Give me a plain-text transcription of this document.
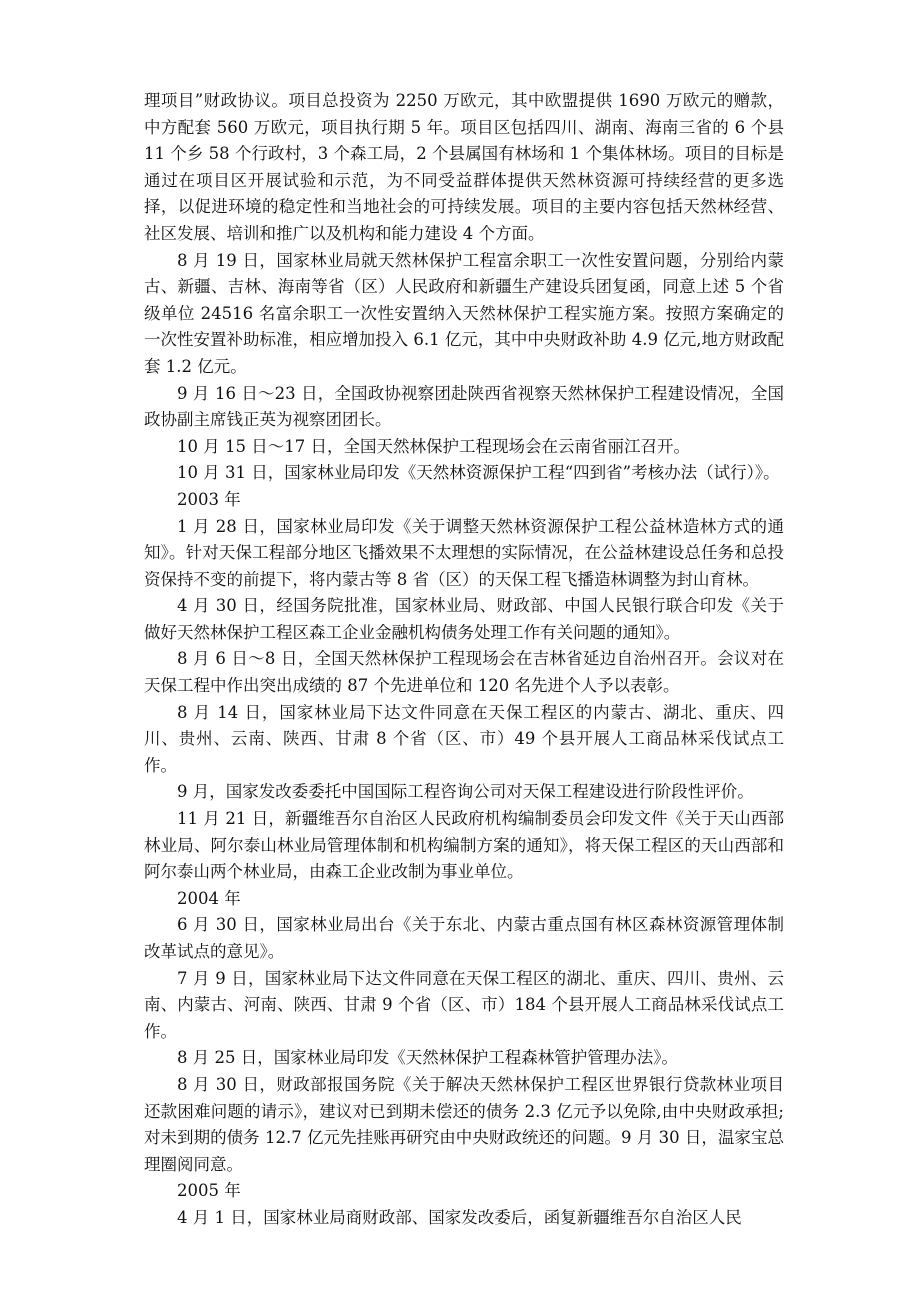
理项目”财政协议。项目总投资为 2250 万欧元，其中欧盟提供 1690 万欧元的赠款，中方配套 560 万欧元，项目执行期 5 年。项目区包括四川、湖南、海南三省的 6 个县 11 个乡 58 个行政村，3 个森工局，2 个县属国有林场和 1 个集体林场。项目的目标是通过在项目区开展试验和示范，为不同受益群体提供天然林资源可持续经营的更多选择，以促进环境的稳定性和当地社会的可持续发展。项目的主要内容包括天然林经营、社区发展、培训和推广以及机构和能力建设 4 个方面。

8 月 19 日，国家林业局就天然林保护工程富余职工一次性安置问题，分别给内蒙古、新疆、吉林、海南等省（区）人民政府和新疆生产建设兵团复函，同意上述 5 个省级单位 24516 名富余职工一次性安置纳入天然林保护工程实施方案。按照方案确定的一次性安置补助标准，相应增加投入 6.1 亿元，其中中央财政补助 4.9 亿元,地方财政配套 1.2 亿元。

9 月 16 日～23 日，全国政协视察团赴陕西省视察天然林保护工程建设情况，全国政协副主席钱正英为视察团团长。

10 月 15 日～17 日，全国天然林保护工程现场会在云南省丽江召开。

10 月 31 日，国家林业局印发《天然林资源保护工程“四到省”考核办法（试行）》。

2003 年

1 月 28 日，国家林业局印发《关于调整天然林资源保护工程公益林造林方式的通知》。针对天保工程部分地区飞播效果不太理想的实际情况，在公益林建设总任务和总投资保持不变的前提下，将内蒙古等 8 省（区）的天保工程飞播造林调整为封山育林。

4 月 30 日，经国务院批准，国家林业局、财政部、中国人民银行联合印发《关于做好天然林保护工程区森工企业金融机构债务处理工作有关问题的通知》。

8 月 6 日～8 日，全国天然林保护工程现场会在吉林省延边自治州召开。会议对在天保工程中作出突出成绩的 87 个先进单位和 120 名先进个人予以表彰。

8 月 14 日，国家林业局下达文件同意在天保工程区的内蒙古、湖北、重庆、四川、贵州、云南、陕西、甘肃 8 个省（区、市）49 个县开展人工商品林采伐试点工作。

9 月，国家发改委委托中国国际工程咨询公司对天保工程建设进行阶段性评价。

11 月 21 日，新疆维吾尔自治区人民政府机构编制委员会印发文件《关于天山西部林业局、阿尔泰山林业局管理体制和机构编制方案的通知》，将天保工程区的天山西部和阿尔泰山两个林业局，由森工企业改制为事业单位。

2004 年

6 月 30 日，国家林业局出台《关于东北、内蒙古重点国有林区森林资源管理体制改革试点的意见》。

7 月 9 日，国家林业局下达文件同意在天保工程区的湖北、重庆、四川、贵州、云南、内蒙古、河南、陕西、甘肃 9 个省（区、市）184 个县开展人工商品林采伐试点工作。

8 月 25 日，国家林业局印发《天然林保护工程森林管护管理办法》。

8 月 30 日，财政部报国务院《关于解决天然林保护工程区世界银行贷款林业项目还款困难问题的请示》，建议对已到期未偿还的债务 2.3 亿元予以免除,由中央财政承担; 对未到期的债务 12.7 亿元先挂账再研究由中央财政统还的问题。9 月 30 日，温家宝总理圈阅同意。

2005 年

4 月 1 日，国家林业局商财政部、国家发改委后，函复新疆维吾尔自治区人民
